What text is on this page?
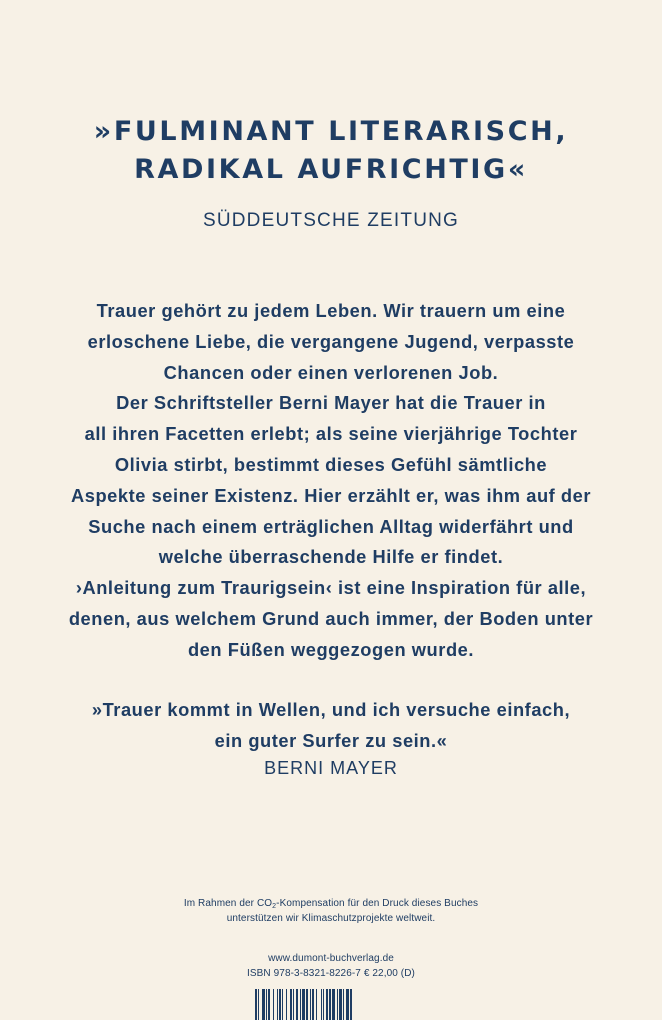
»FULMINANT LITERARISCH,
RADIKAL AUFRICHTIG«
SÜDDEUTSCHE ZEITUNG
Trauer gehört zu jedem Leben. Wir trauern um eine
erloschene Liebe, die vergangene Jugend, verpasste
Chancen oder einen verlorenen Job.
Der Schriftsteller Berni Mayer hat die Trauer in
all ihren Facetten erlebt; als seine vierjährige Tochter
Olivia stirbt, bestimmt dieses Gefühl sämtliche
Aspekte seiner Existenz. Hier erzählt er, was ihm auf der
Suche nach einem erträglichen Alltag widerfährt und
welche überraschende Hilfe er findet.
›Anleitung zum Traurigsein‹ ist eine Inspiration für alle,
denen, aus welchem Grund auch immer, der Boden unter
den Füßen weggezogen wurde.
»Trauer kommt in Wellen, und ich versuche einfach,
ein guter Surfer zu sein.«
BERNI MAYER
Im Rahmen der $CO_2$-Kompensation für den Druck dieses Buches
unterstützen wir Klimaschutzprojekte weltweit.
www.dumont-buchverlag.de
ISBN 978-3-8321-8226-7 € 22,00 (D)
